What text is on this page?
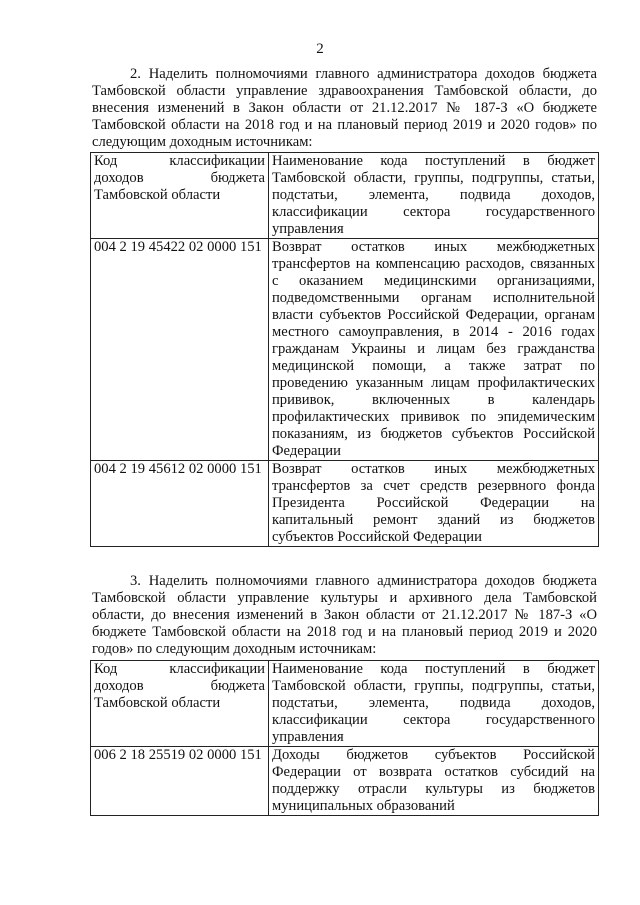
2

2. Наделить полномочиями главного администратора доходов бюджета Тамбовской области управление здравоохранения Тамбовской области, до внесения изменений в Закон области от 21.12.2017 № 187-З «О бюджете Тамбовской области на 2018 год и на плановый период 2019 и 2020 годов» по следующим доходным источникам:

Код классификации доходов бюджета Тамбовской области	Наименование кода поступлений в бюджет Тамбовской области, группы, подгруппы, статьи, подстатьи, элемента, подвида доходов, классификации сектора государственного управления
004 2 19 45422 02 0000 151	Возврат остатков иных межбюджетных трансфертов на компенсацию расходов, связанных с оказанием медицинскими организациями, подведомственными органам исполнительной власти субъектов Российской Федерации, органам местного самоуправления, в 2014 - 2016 годах гражданам Украины и лицам без гражданства медицинской помощи, а также затрат по проведению указанным лицам профилактических прививок, включенных в календарь профилактических прививок по эпидемическим показаниям, из бюджетов субъектов Российской Федерации
004 2 19 45612 02 0000 151	Возврат остатков иных межбюджетных трансфертов за счет средств резервного фонда Президента Российской Федерации на капитальный ремонт зданий из бюджетов субъектов Российской Федерации

3. Наделить полномочиями главного администратора доходов бюджета Тамбовской области управление культуры и архивного дела Тамбовской области, до внесения изменений в Закон области от 21.12.2017 № 187-З «О бюджете Тамбовской области на 2018 год и на плановый период 2019 и 2020 годов» по следующим доходным источникам:

Код классификации доходов бюджета Тамбовской области	Наименование кода поступлений в бюджет Тамбовской области, группы, подгруппы, статьи, подстатьи, элемента, подвида доходов, классификации сектора государственного управления
006 2 18 25519 02 0000 151	Доходы бюджетов субъектов Российской Федерации от возврата остатков субсидий на поддержку отрасли культуры из бюджетов муниципальных образований
